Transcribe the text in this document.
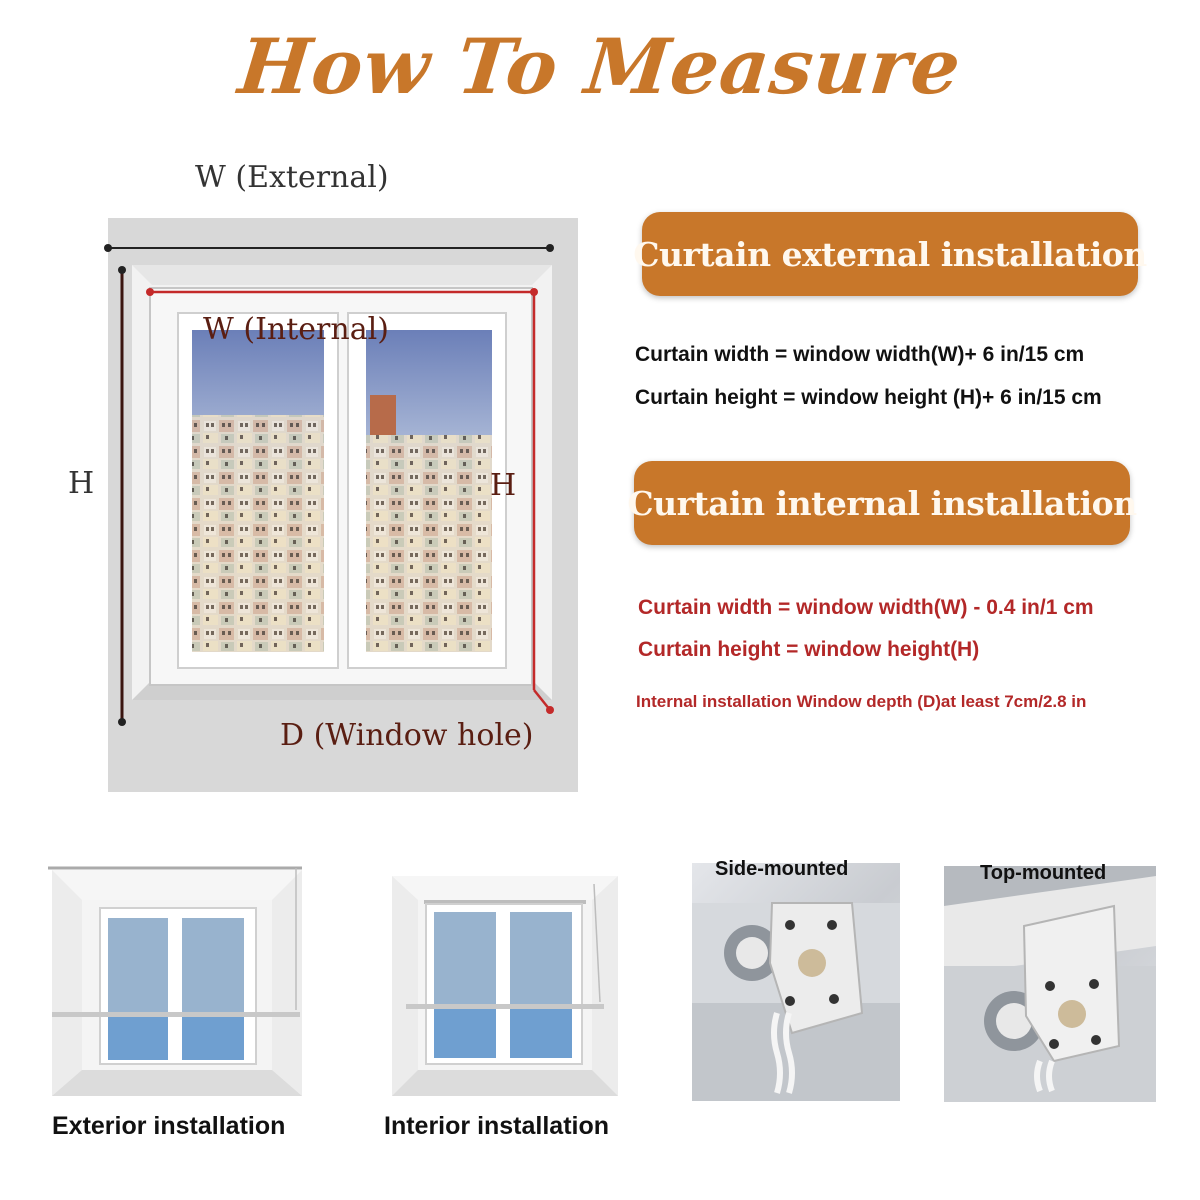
How To Measure
W (External)
W (Internal)
H	H
D (Window hole)
Curtain external installation
Curtain width = window width(W)+ 6 in/15 cm
Curtain height = window height (H)+ 6 in/15 cm
Curtain internal installation
Curtain width = window width(W) - 0.4 in/1 cm
Curtain height = window height(H)
Internal installation Window depth (D)at least 7cm/2.8 in
Exterior installation	Interior installation
Side-mounted	Top-mounted
